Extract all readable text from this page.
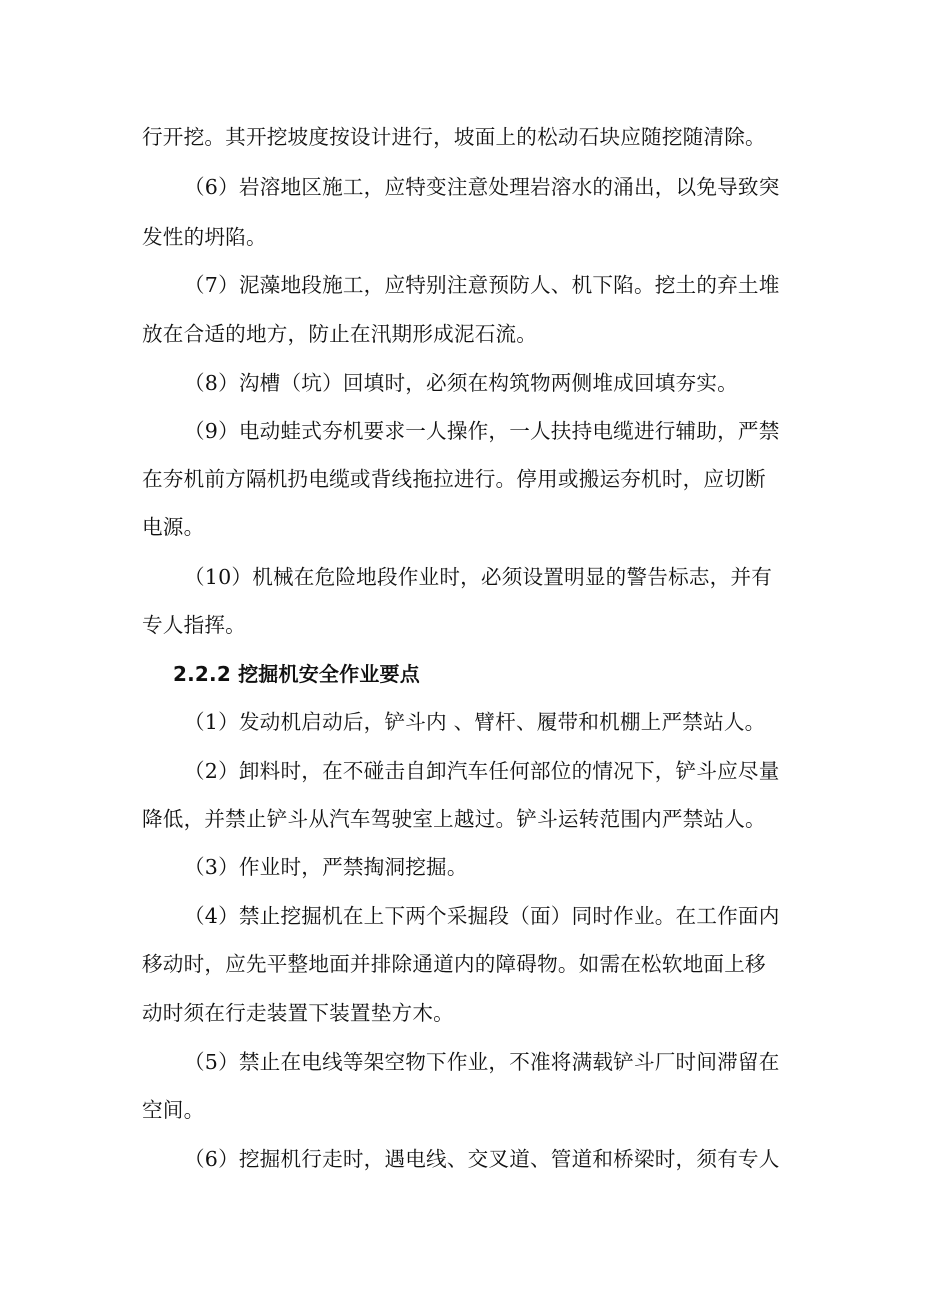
行开挖。其开挖坡度按设计进行，坡面上的松动石块应随挖随清除。
（6）岩溶地区施工，应特变注意处理岩溶水的涌出，以免导致突
发性的坍陷。
（7）泥藻地段施工，应特别注意预防人、机下陷。挖土的弃土堆
放在合适的地方，防止在汛期形成泥石流。
（8）沟槽（坑）回填时，必须在构筑物两侧堆成回填夯实。
（9）电动蛙式夯机要求一人操作，一人扶持电缆进行辅助，严禁
在夯机前方隔机扔电缆或背线拖拉进行。停用或搬运夯机时，应切断
电源。
（10）机械在危险地段作业时，必须设置明显的警告标志，并有
专人指挥。
2.2.2 挖掘机安全作业要点
（1）发动机启动后，铲斗内 、臂杆、履带和机棚上严禁站人。
（2）卸料时，在不碰击自卸汽车任何部位的情况下，铲斗应尽量
降低，并禁止铲斗从汽车驾驶室上越过。铲斗运转范围内严禁站人。
（3）作业时，严禁掏洞挖掘。
（4）禁止挖掘机在上下两个采掘段（面）同时作业。在工作面内
移动时，应先平整地面并排除通道内的障碍物。如需在松软地面上移
动时须在行走装置下装置垫方木。
（5）禁止在电线等架空物下作业，不准将满载铲斗厂时间滞留在
空间。
（6）挖掘机行走时，遇电线、交叉道、管道和桥梁时，须有专人
